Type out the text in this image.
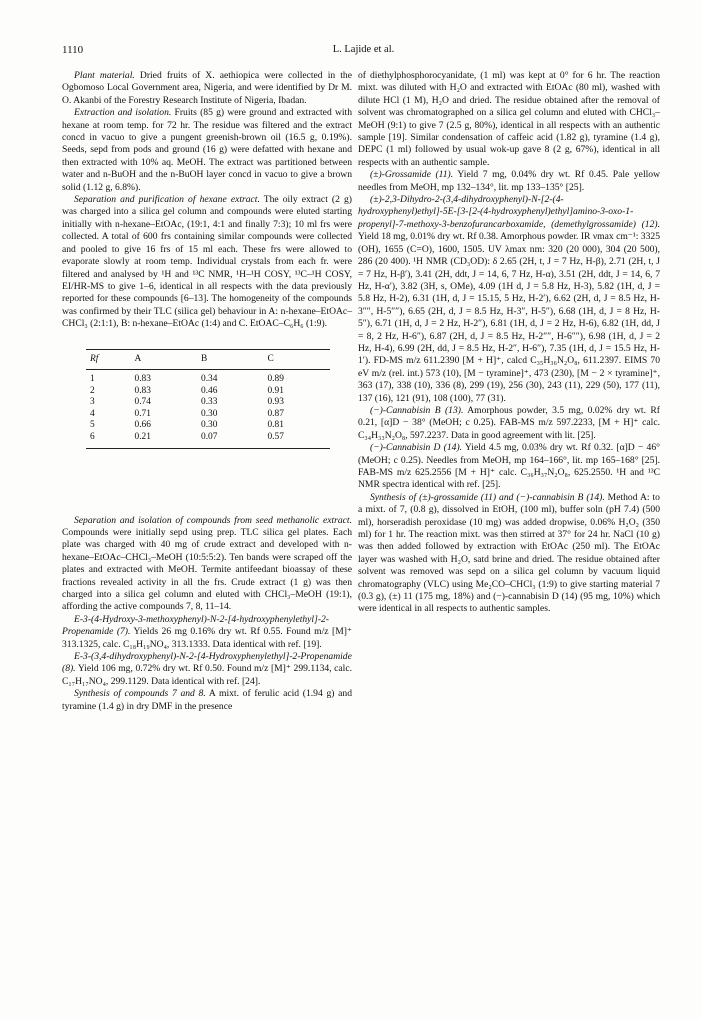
1110	L. Lajide et al.

Plant material. Dried fruits of X. aethiopica were collected in the Ogbomoso Local Government area, Nigeria, and were identified by Dr M. O. Akanbi of the Forestry Research Institute of Nigeria, Ibadan.

Extraction and isolation. Fruits (85 g) were ground and extracted with hexane at room temp. for 72 hr. The residue was filtered and the extract concd in vacuo to give a pungent greenish-brown oil (16.5 g, 0.19%). Seeds, sepd from pods and ground (16 g) were defatted with hexane and then extracted with 10% aq. MeOH. The extract was partitioned between water and n-BuOH and the n-BuOH layer concd in vacuo to give a brown solid (1.12 g, 6.8%).

Separation and purification of hexane extract. The oily extract (2 g) was charged into a silica gel column and compounds were eluted starting initially with n-hexane–EtOAc, (19:1, 4:1 and finally 7:3); 10 ml frs were collected. A total of 600 frs containing similar compounds were collected and pooled to give 16 frs of 15 ml each. These frs were allowed to evaporate slowly at room temp. Individual crystals from each fr. were filtered and analysed by ¹H and ¹³C NMR, ¹H–¹H COSY, ¹³C–¹H COSY, EI/HR-MS to give 1–6, identical in all respects with the data previously reported for these compounds [6–13]. The homogeneity of the compounds was confirmed by their TLC (silica gel) behaviour in A: n-hexane–EtOAc–CHCl₃ (2:1:1), B: n-hexane–EtOAc (1:4) and C. EtOAC–C₆H₆ (1:9).

Rf	A	B	C
1	0.83	0.34	0.89
2	0.83	0.46	0.91
3	0.74	0.33	0.93
4	0.71	0.30	0.87
5	0.66	0.30	0.81
6	0.21	0.07	0.57

Separation and isolation of compounds from seed methanolic extract. Compounds were initially sepd using prep. TLC silica gel plates. Each plate was charged with 40 mg of crude extract and developed with n-hexane–EtOAc–CHCl₃–MeOH (10:5:5:2). Ten bands were scraped off the plates and extracted with MeOH. Termite antifeedant bioassay of these fractions revealed activity in all the frs. Crude extract (1 g) was then charged into a silica gel column and eluted with CHCl₃–MeOH (19:1), affording the active compounds 7, 8, 11–14.

E-3-(4-Hydroxy-3-methoxyphenyl)-N-2-[4-hydroxyphenylethyl]-2-Propenamide (7). Yields 26 mg 0.16% dry wt. Rf 0.55. Found m/z [M]⁺ 313.1325, calc. C₁₈H₁₉NO₄, 313.1333. Data identical with ref. [19].

E-3-(3,4-dihydroxyphenyl)-N-2-[4-Hydroxyphenylethyl]-2-Propenamide (8). Yield 106 mg, 0.72% dry wt. Rf 0.50. Found m/z [M]⁺ 299.1134, calc. C₁₇H₁₇NO₄, 299.1129. Data identical with ref. [24].

Synthesis of compounds 7 and 8. A mixt. of ferulic acid (1.94 g) and tyramine (1.4 g) in dry DMF in the presence

of diethylphosphorocyanidate, (1 ml) was kept at 0° for 6 hr. The reaction mixt. was diluted with H₂O and extracted with EtOAc (80 ml), washed with dilute HCl (1 M), H₂O and dried. The residue obtained after the removal of solvent was chromatographed on a silica gel column and eluted with CHCl₃–MeOH (9:1) to give 7 (2.5 g, 80%), identical in all respects with an authentic sample [19]. Similar condensation of caffeic acid (1.82 g), tyramine (1.4 g), DEPC (1 ml) followed by usual wok-up gave 8 (2 g, 67%), identical in all respects with an authentic sample.

(±)-Grossamide (11). Yield 7 mg, 0.04% dry wt. Rf 0.45. Pale yellow needles from MeOH, mp 132–134°, lit. mp 133–135° [25].

(±)-2,3-Dihydro-2-(3,4-dihydroxyphenyl)-N-[2-(4-hydroxyphenyl)ethyl]-5E-[3-[2-(4-hydroxyphenyl)ethyl]amino-3-oxo-1-propenyl]-7-methoxy-3-benzofurancarboxamide, (demethylgrossamide) (12). Yield 18 mg, 0.01% dry wt. Rf 0.38. Amorphous powder. IR νmax cm⁻¹: 3325 (OH), 1655 (C=O), 1600, 1505. UV λmax nm: 320 (20 000), 304 (20 500), 286 (20 400). ¹H NMR (CD₃OD): δ 2.65 (2H, t, J = 7 Hz, H-β), 2.71 (2H, t, J = 7 Hz, H-β′), 3.41 (2H, ddt, J = 14, 6, 7 Hz, H-α), 3.51 (2H, ddt, J = 14, 6, 7 Hz, H-α′), 3.82 (3H, s, OMe), 4.09 (1H d, J = 5.8 Hz, H-3), 5.82 (1H, d, J = 5.8 Hz, H-2), 6.31 (1H, d, J = 15.15, 5 Hz, H-2′), 6.62 (2H, d, J = 8.5 Hz, H-3″″, H-5″″), 6.65 (2H, d, J = 8.5 Hz, H-3″, H-5″), 6.68 (1H, d, J = 8 Hz, H-5″), 6.71 (1H, d, J = 2 Hz, H-2″), 6.81 (1H, d, J = 2 Hz, H-6), 6.82 (1H, dd, J = 8, 2 Hz, H-6″), 6.87 (2H, d, J = 8.5 Hz, H-2″″, H-6″″), 6.98 (1H, d, J = 2 Hz, H-4), 6.99 (2H, dd, J = 8.5 Hz, H-2″, H-6″), 7.35 (1H, d, J = 15.5 Hz, H-1′). FD-MS m/z 611.2390 [M + H]⁺, calcd C₃₅H₃₆N₂O₈, 611.2397. EIMS 70 eV m/z (rel. int.) 573 (10), [M − tyramine]⁺, 473 (230), [M − 2 × tyramine]⁺, 363 (17), 338 (10), 336 (8), 299 (19), 256 (30), 243 (11), 229 (50), 177 (11), 137 (16), 121 (91), 108 (100), 77 (31).

(−)-Cannabisin B (13). Amorphous powder, 3.5 mg, 0.02% dry wt. Rf 0.21, [α]D − 38° (MeOH; c 0.25). FAB-MS m/z 597.2233, [M + H]⁺ calc. C₃₄H₃₃N₂O₈, 597.2237. Data in good agreement with lit. [25].

(−)-Cannabisin D (14). Yield 4.5 mg, 0.03% dry wt. Rf 0.32. [α]D − 46° (MeOH; c 0.25). Needles from MeOH, mp 164–166°, lit. mp 165–168° [25]. FAB-MS m/z 625.2556 [M + H]⁺ calc. C₃₆H₃₇N₂O₈, 625.2550. ¹H and ¹³C NMR spectra identical with ref. [25].

Synthesis of (±)-grossamide (11) and (−)-cannabisin B (14). Method A: to a mixt. of 7, (0.8 g), dissolved in EtOH, (100 ml), buffer soln (pH 7.4) (500 ml), horseradish peroxidase (10 mg) was added dropwise, 0.06% H₂O₂ (350 ml) for 1 hr. The reaction mixt. was then stirred at 37° for 24 hr. NaCl (10 g) was then added followed by extraction with EtOAc (250 ml). The EtOAc layer was washed with H₂O, satd brine and dried. The residue obtained after solvent was removed was sepd on a silica gel column by vacuum liquid chromatography (VLC) using Me₂CO–CHCl₃ (1:9) to give starting material 7 (0.3 g), (±) 11 (175 mg, 18%) and (−)-cannabisin D (14) (95 mg, 10%) which were identical in all respects to authentic samples.
